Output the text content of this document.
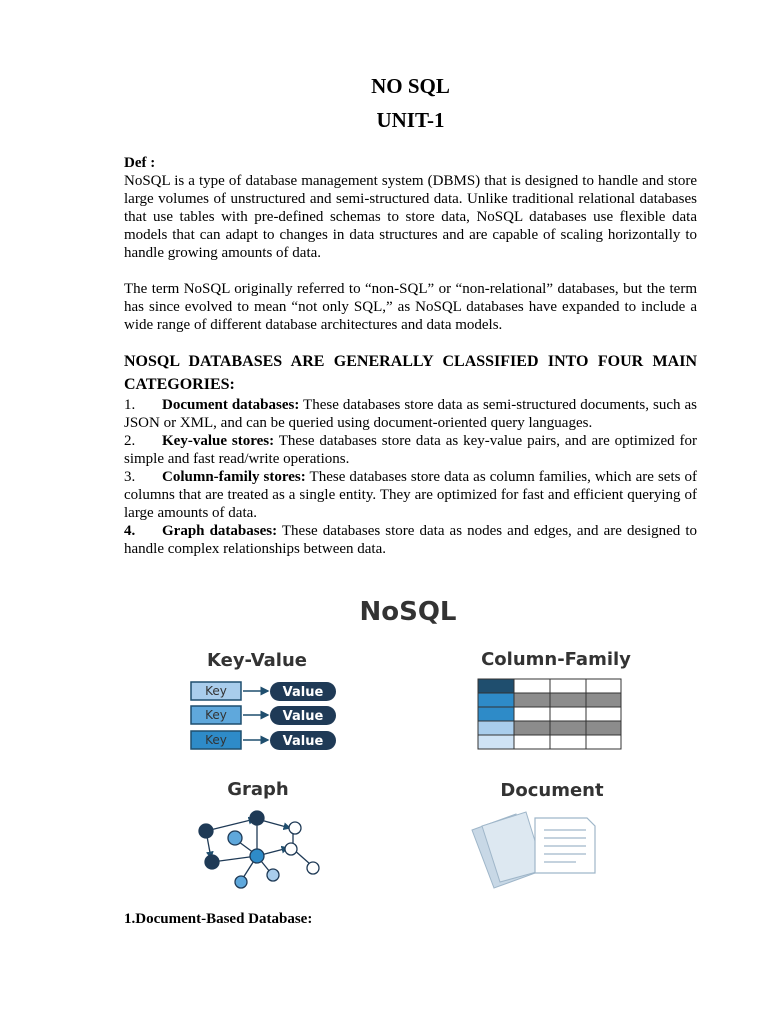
NO SQL
UNIT-1
Def :

NoSQL is a type of database management system (DBMS) that is designed to handle and store large volumes of unstructured and semi-structured data. Unlike traditional relational databases that use tables with pre-defined schemas to store data, NoSQL databases use flexible data models that can adapt to changes in data structures and are capable of scaling horizontally to handle growing amounts of data.

The term NoSQL originally referred to “non-SQL” or “non-relational” databases, but the term has since evolved to mean “not only SQL,” as NoSQL databases have expanded to include a wide range of different database architectures and data models.

NOSQL DATABASES ARE GENERALLY CLASSIFIED INTO FOUR MAIN CATEGORIES:
1. Document databases: These databases store data as semi-structured documents, such as JSON or XML, and can be queried using document-oriented query languages.
2. Key-value stores: These databases store data as key-value pairs, and are optimized for simple and fast read/write operations.
3. Column-family stores: These databases store data as column families, which are sets of columns that are treated as a single entity. They are optimized for fast and efficient querying of large amounts of data.
4. Graph databases: These databases store data as nodes and edges, and are designed to handle complex relationships between data.
NoSQL
Key-Value	Column-Family
Graph	Document
Key	Value
Key	Value
Key	Value
1.Document-Based Database:
